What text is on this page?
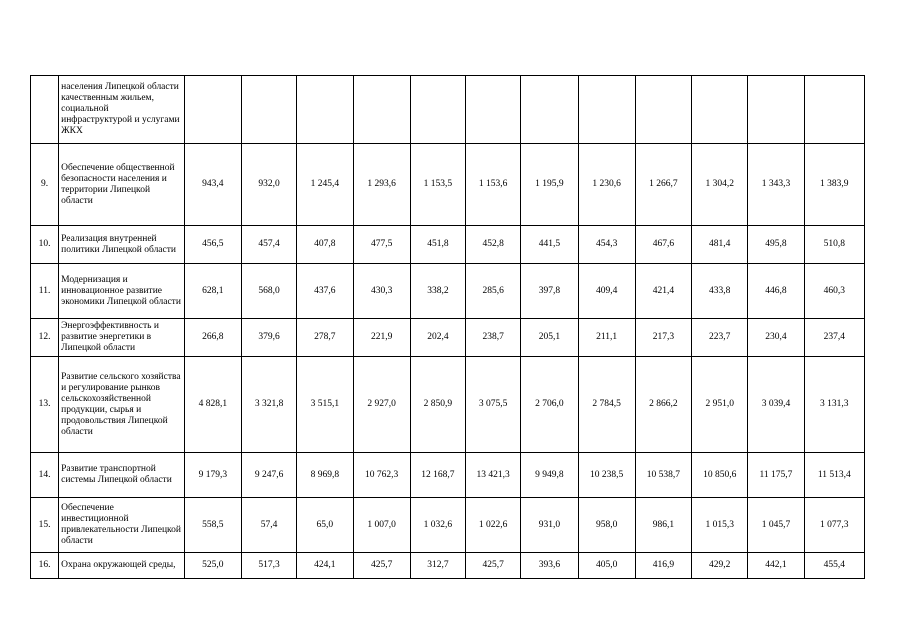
	населения Липецкой области качественным жильем, социальной инфраструктурой и услугами ЖКХ												
9.	Обеспечение общественной безопасности населения и территории Липецкой области	943,4	932,0	1 245,4	1 293,6	1 153,5	1 153,6	1 195,9	1 230,6	1 266,7	1 304,2	1 343,3	1 383,9
10.	Реализация внутренней политики Липецкой области	456,5	457,4	407,8	477,5	451,8	452,8	441,5	454,3	467,6	481,4	495,8	510,8
11.	Модернизация и инновационное развитие экономики Липецкой области	628,1	568,0	437,6	430,3	338,2	285,6	397,8	409,4	421,4	433,8	446,8	460,3
12.	Энергоэффективность и развитие энергетики в Липецкой области	266,8	379,6	278,7	221,9	202,4	238,7	205,1	211,1	217,3	223,7	230,4	237,4
13.	Развитие сельского хозяйства и регулирование рынков сельскохозяйственной продукции, сырья и продовольствия Липецкой области	4 828,1	3 321,8	3 515,1	2 927,0	2 850,9	3 075,5	2 706,0	2 784,5	2 866,2	2 951,0	3 039,4	3 131,3
14.	Развитие транспортной системы Липецкой области	9 179,3	9 247,6	8 969,8	10 762,3	12 168,7	13 421,3	9 949,8	10 238,5	10 538,7	10 850,6	11 175,7	11 513,4
15.	Обеспечение инвестиционной привлекательности Липецкой области	558,5	57,4	65,0	1 007,0	1 032,6	1 022,6	931,0	958,0	986,1	1 015,3	1 045,7	1 077,3
16.	Охрана окружающей среды,	525,0	517,3	424,1	425,7	312,7	425,7	393,6	405,0	416,9	429,2	442,1	455,4
